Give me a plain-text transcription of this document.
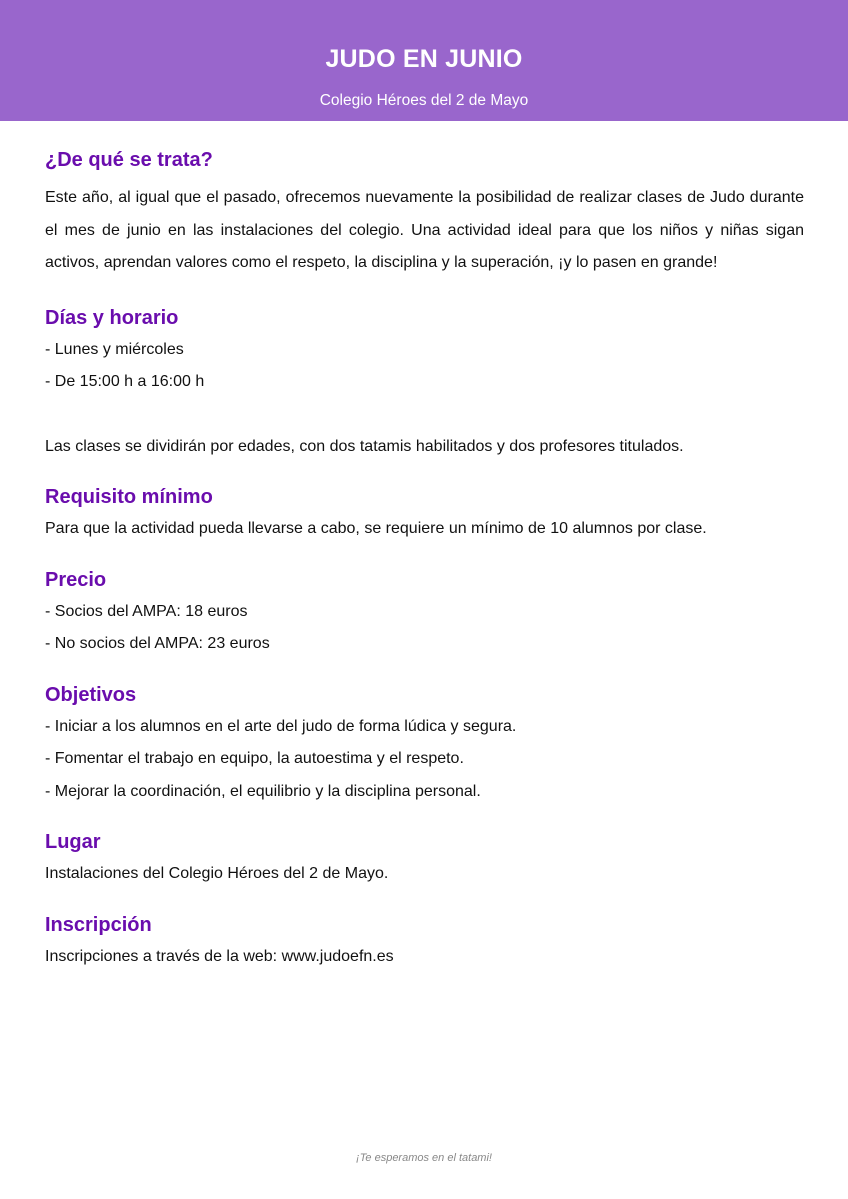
JUDO EN JUNIO
Colegio Héroes del 2 de Mayo
¿De qué se trata?

Este año, al igual que el pasado, ofrecemos nuevamente la posibilidad de realizar clases de Judo durante el mes de junio en las instalaciones del colegio. Una actividad ideal para que los niños y niñas sigan activos, aprendan valores como el respeto, la disciplina y la superación, ¡y lo pasen en grande!

Días y horario
- Lunes y miércoles
- De 15:00 h a 16:00 h
Las clases se dividirán por edades, con dos tatamis habilitados y dos profesores titulados.
Requisito mínimo
Para que la actividad pueda llevarse a cabo, se requiere un mínimo de 10 alumnos por clase.
Precio
- Socios del AMPA: 18 euros
- No socios del AMPA: 23 euros
Objetivos
- Iniciar a los alumnos en el arte del judo de forma lúdica y segura.
- Fomentar el trabajo en equipo, la autoestima y el respeto.
- Mejorar la coordinación, el equilibrio y la disciplina personal.
Lugar
Instalaciones del Colegio Héroes del 2 de Mayo.
Inscripción
Inscripciones a través de la web: www.judoefn.es
¡Te esperamos en el tatami!
